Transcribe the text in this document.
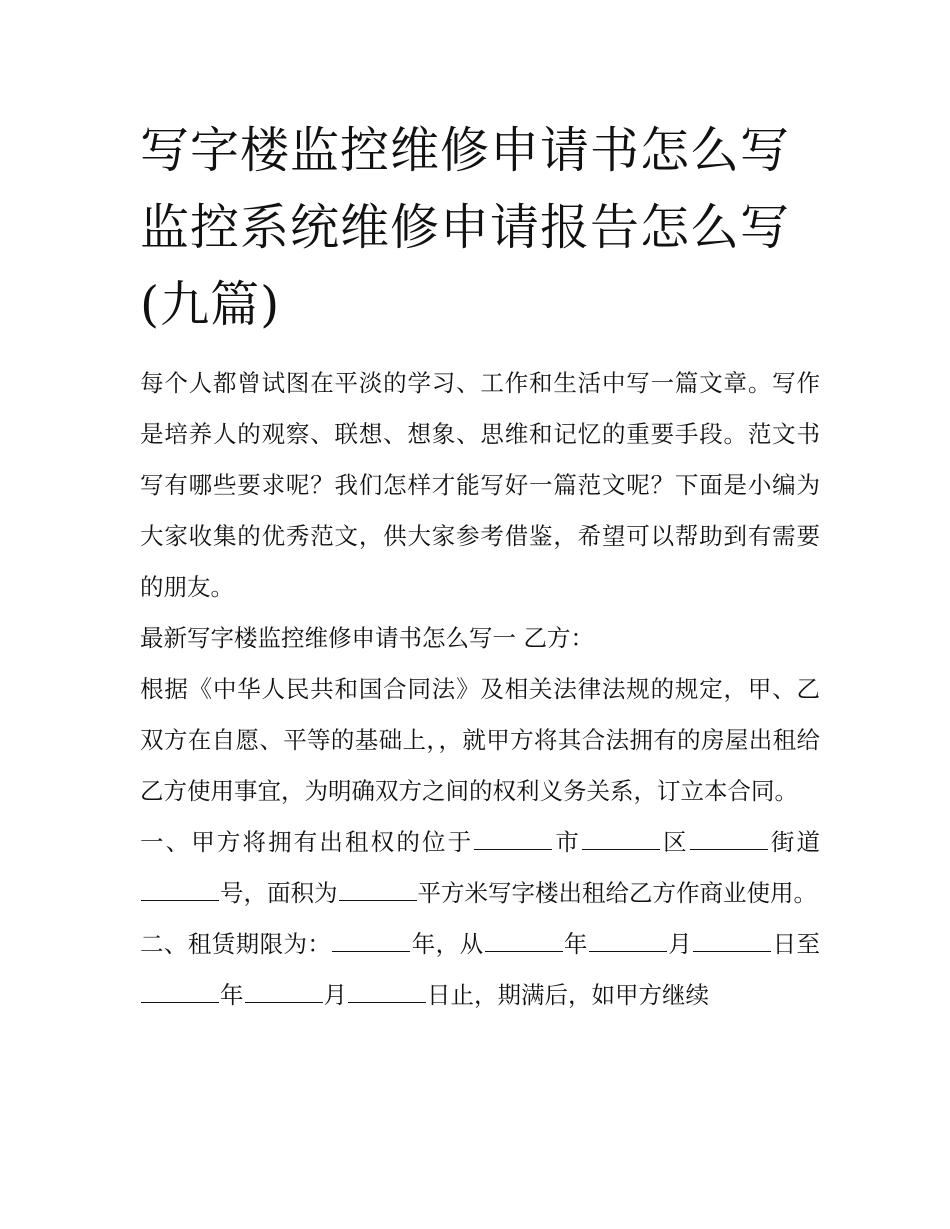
写字楼监控维修申请书怎么写 监控系统维修申请报告怎么写(九篇)

每个人都曾试图在平淡的学习、工作和生活中写一篇文章。写作是培养人的观察、联想、想象、思维和记忆的重要手段。范文书写有哪些要求呢？我们怎样才能写好一篇范文呢？下面是小编为大家收集的优秀范文，供大家参考借鉴，希望可以帮助到有需要的朋友。

最新写字楼监控维修申请书怎么写一 乙方：

根据《中华人民共和国合同法》及相关法律法规的规定，甲、乙双方在自愿、平等的基础上，，就甲方将其合法拥有的房屋出租给乙方使用事宜，为明确双方之间的权利义务关系，订立本合同。

一、甲方将拥有出租权的位于	市	区	街道号，面积为	平方米写字楼出租给乙方作商业使用。

二、租赁期限为：	年，从	年	月	日至年	月	日止，期满后，如甲方继续
